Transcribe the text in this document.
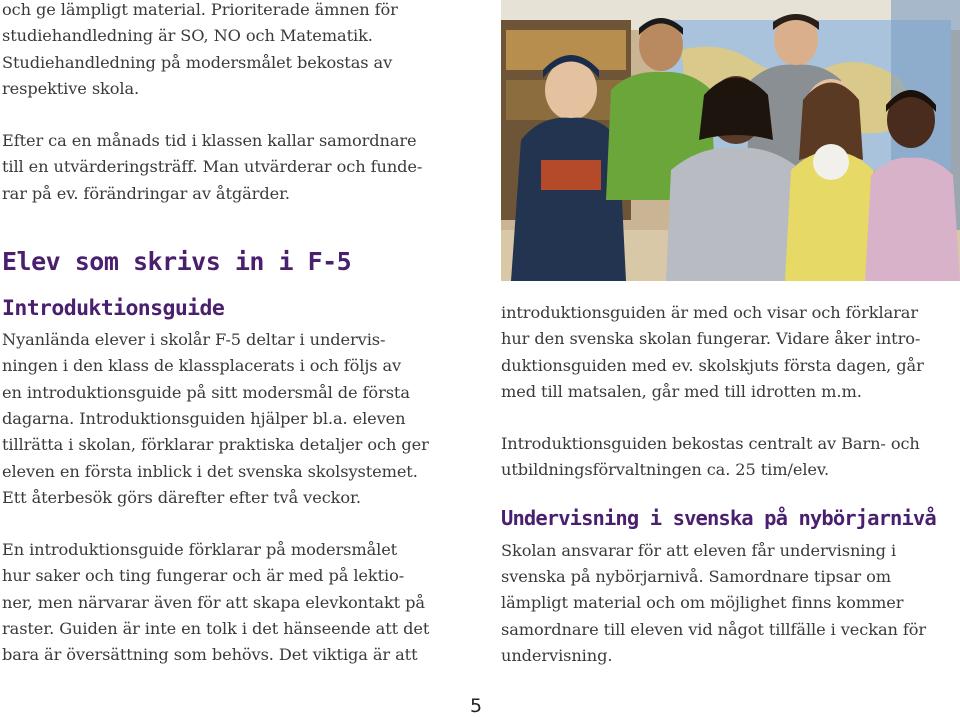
och ge lämpligt material. Prioriterade ämnen för
studiehandledning är SO, NO och Matematik.
Studiehandledning på modersmålet bekostas av
respektive skola.

Efter ca en månads tid i klassen kallar samordnare
till en utvärderingsträff. Man utvärderar och funde-
rar på ev. förändringar av åtgärder.

Elev som skrivs in i F-5
Introduktionsguide

Nyanlända elever i skolår F-5 deltar i undervis-
ningen i den klass de klassplacerats i och följs av
en introduktionsguide på sitt modersmål de första
dagarna. Introduktionsguiden hjälper bl.a. eleven
tillrätta i skolan, förklarar praktiska detaljer och ger
eleven en första inblick i det svenska skolsystemet.
Ett återbesök görs därefter efter två veckor.

En introduktionsguide förklarar på modersmålet
hur saker och ting fungerar och är med på lektio-
ner, men närvarar även för att skapa elevkontakt på
raster. Guiden är inte en tolk i det hänseende att det
bara är översättning som behövs. Det viktiga är att

introduktionsguiden är med och visar och förklarar
hur den svenska skolan fungerar. Vidare åker intro-
duktionsguiden med ev. skolskjuts första dagen, går
med till matsalen, går med till idrotten m.m.

Introduktionsguiden bekostas centralt av Barn- och
utbildningsförvaltningen ca. 25 tim/elev.

Undervisning i svenska på nybörjarnivå

Skolan ansvarar för att eleven får undervisning i
svenska på nybörjarnivå. Samordnare tipsar om
lämpligt material och om möjlighet finns kommer
samordnare till eleven vid något tillfälle i veckan för
undervisning.

5
